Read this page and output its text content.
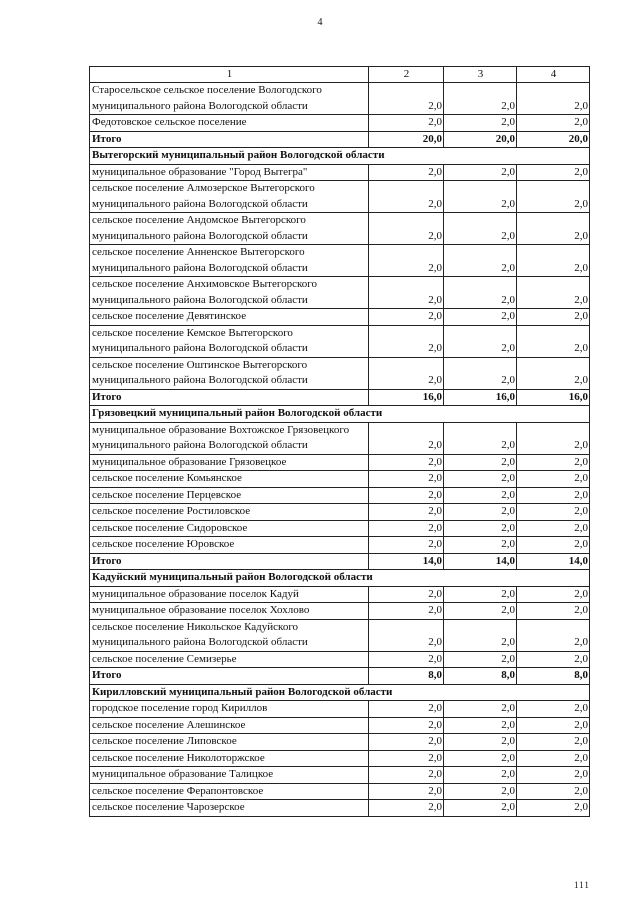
4
1	2	3	4
Старосельское сельское поселение Вологодского муниципального района Вологодской области	2,0	2,0	2,0
Федотовское сельское поселение	2,0	2,0	2,0
Итого	20,0	20,0	20,0
Вытегорский муниципальный район Вологодской области			
муниципальное образование "Город Вытегра"	2,0	2,0	2,0
сельское поселение Алмозерское Вытегорского муниципального района Вологодской области	2,0	2,0	2,0
сельское поселение Андомское Вытегорского муниципального района Вологодской области	2,0	2,0	2,0
сельское поселение Анненское Вытегорского муниципального района Вологодской области	2,0	2,0	2,0
сельское поселение Анхимовское Вытегорского муниципального района Вологодской области	2,0	2,0	2,0
сельское поселение Девятинское	2,0	2,0	2,0
сельское поселение Кемское Вытегорского муниципального района Вологодской области	2,0	2,0	2,0
сельское поселение Оштинское Вытегорского муниципального района Вологодской области	2,0	2,0	2,0
Итого	16,0	16,0	16,0
Грязовецкий муниципальный район Вологодской области			
муниципальное образование Вохтожское Грязовецкого муниципального района Вологодской области	2,0	2,0	2,0
муниципальное образование Грязовецкое	2,0	2,0	2,0
сельское поселение Комьянское	2,0	2,0	2,0
сельское поселение Перцевское	2,0	2,0	2,0
сельское поселение Ростиловское	2,0	2,0	2,0
сельское поселение Сидоровское	2,0	2,0	2,0
сельское поселение Юровское	2,0	2,0	2,0
Итого	14,0	14,0	14,0
Кадуйский муниципальный район Вологодской области			
муниципальное образование поселок Кадуй	2,0	2,0	2,0
муниципальное образование поселок Хохлово	2,0	2,0	2,0
сельское поселение Никольское Кадуйского муниципального района Вологодской области	2,0	2,0	2,0
сельское поселение Семизерье	2,0	2,0	2,0
Итого	8,0	8,0	8,0
Кирилловский муниципальный район Вологодской области			
городское поселение город Кириллов	2,0	2,0	2,0
сельское поселение Алешинское	2,0	2,0	2,0
сельское поселение Липовское	2,0	2,0	2,0
сельское поселение Николоторжское	2,0	2,0	2,0
муниципальное образование Талицкое	2,0	2,0	2,0
сельское поселение Ферапонтовское	2,0	2,0	2,0
сельское поселение Чарозерское	2,0	2,0	2,0
111
